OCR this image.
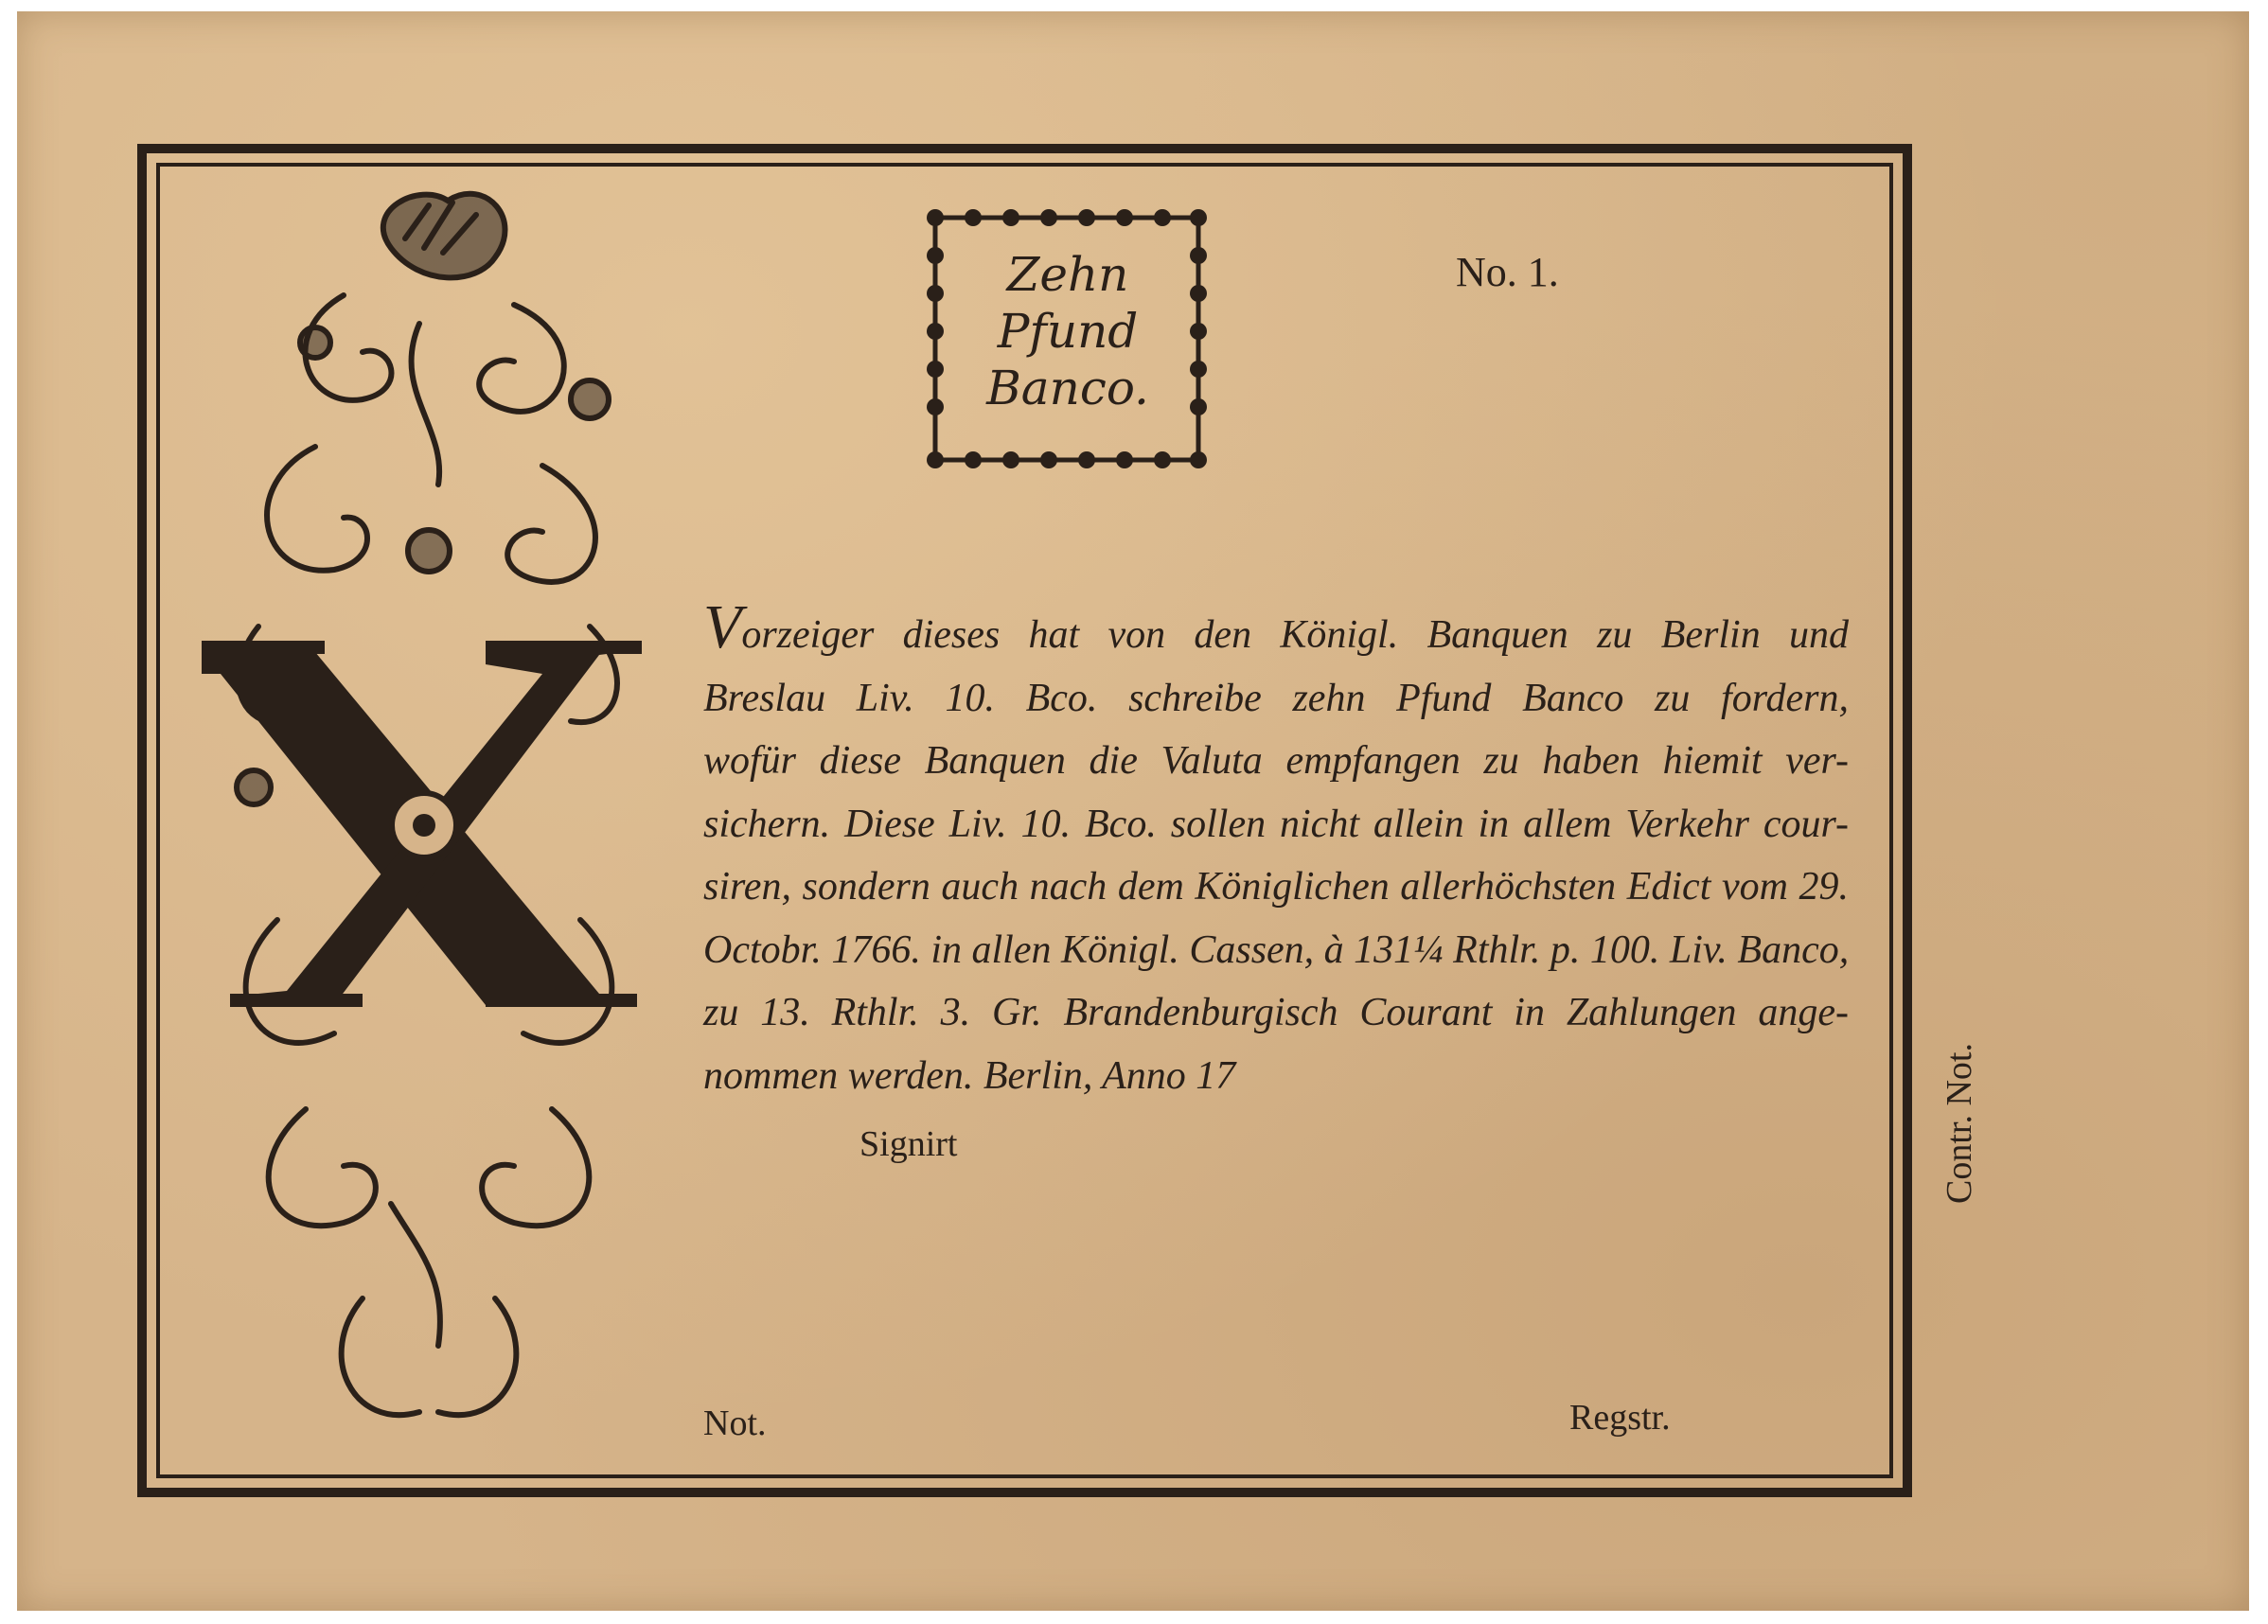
Zehn
Pfund
Banco.
No. 1.
Vorzeiger dieses hat von den Königl. Banquen zu Berlin und
Breslau Liv. 10. Bco. schreibe zehn Pfund Banco zu fordern,
wofür diese Banquen die Valuta empfangen zu haben hiemit ver-
sichern. Diese Liv. 10. Bco. sollen nicht allein in allem Verkehr cour-
siren, sondern auch nach dem Königlichen allerhöchsten Edict vom 29.
Octobr. 1766. in allen Königl. Cassen, à 131¼ Rthlr. p. 100. Liv. Banco,
zu 13. Rthlr. 3. Gr. Brandenburgisch Courant in Zahlungen ange-
nommen werden. Berlin, Anno 17
Signirt
Not.	Regstr.
Contr. Not.
